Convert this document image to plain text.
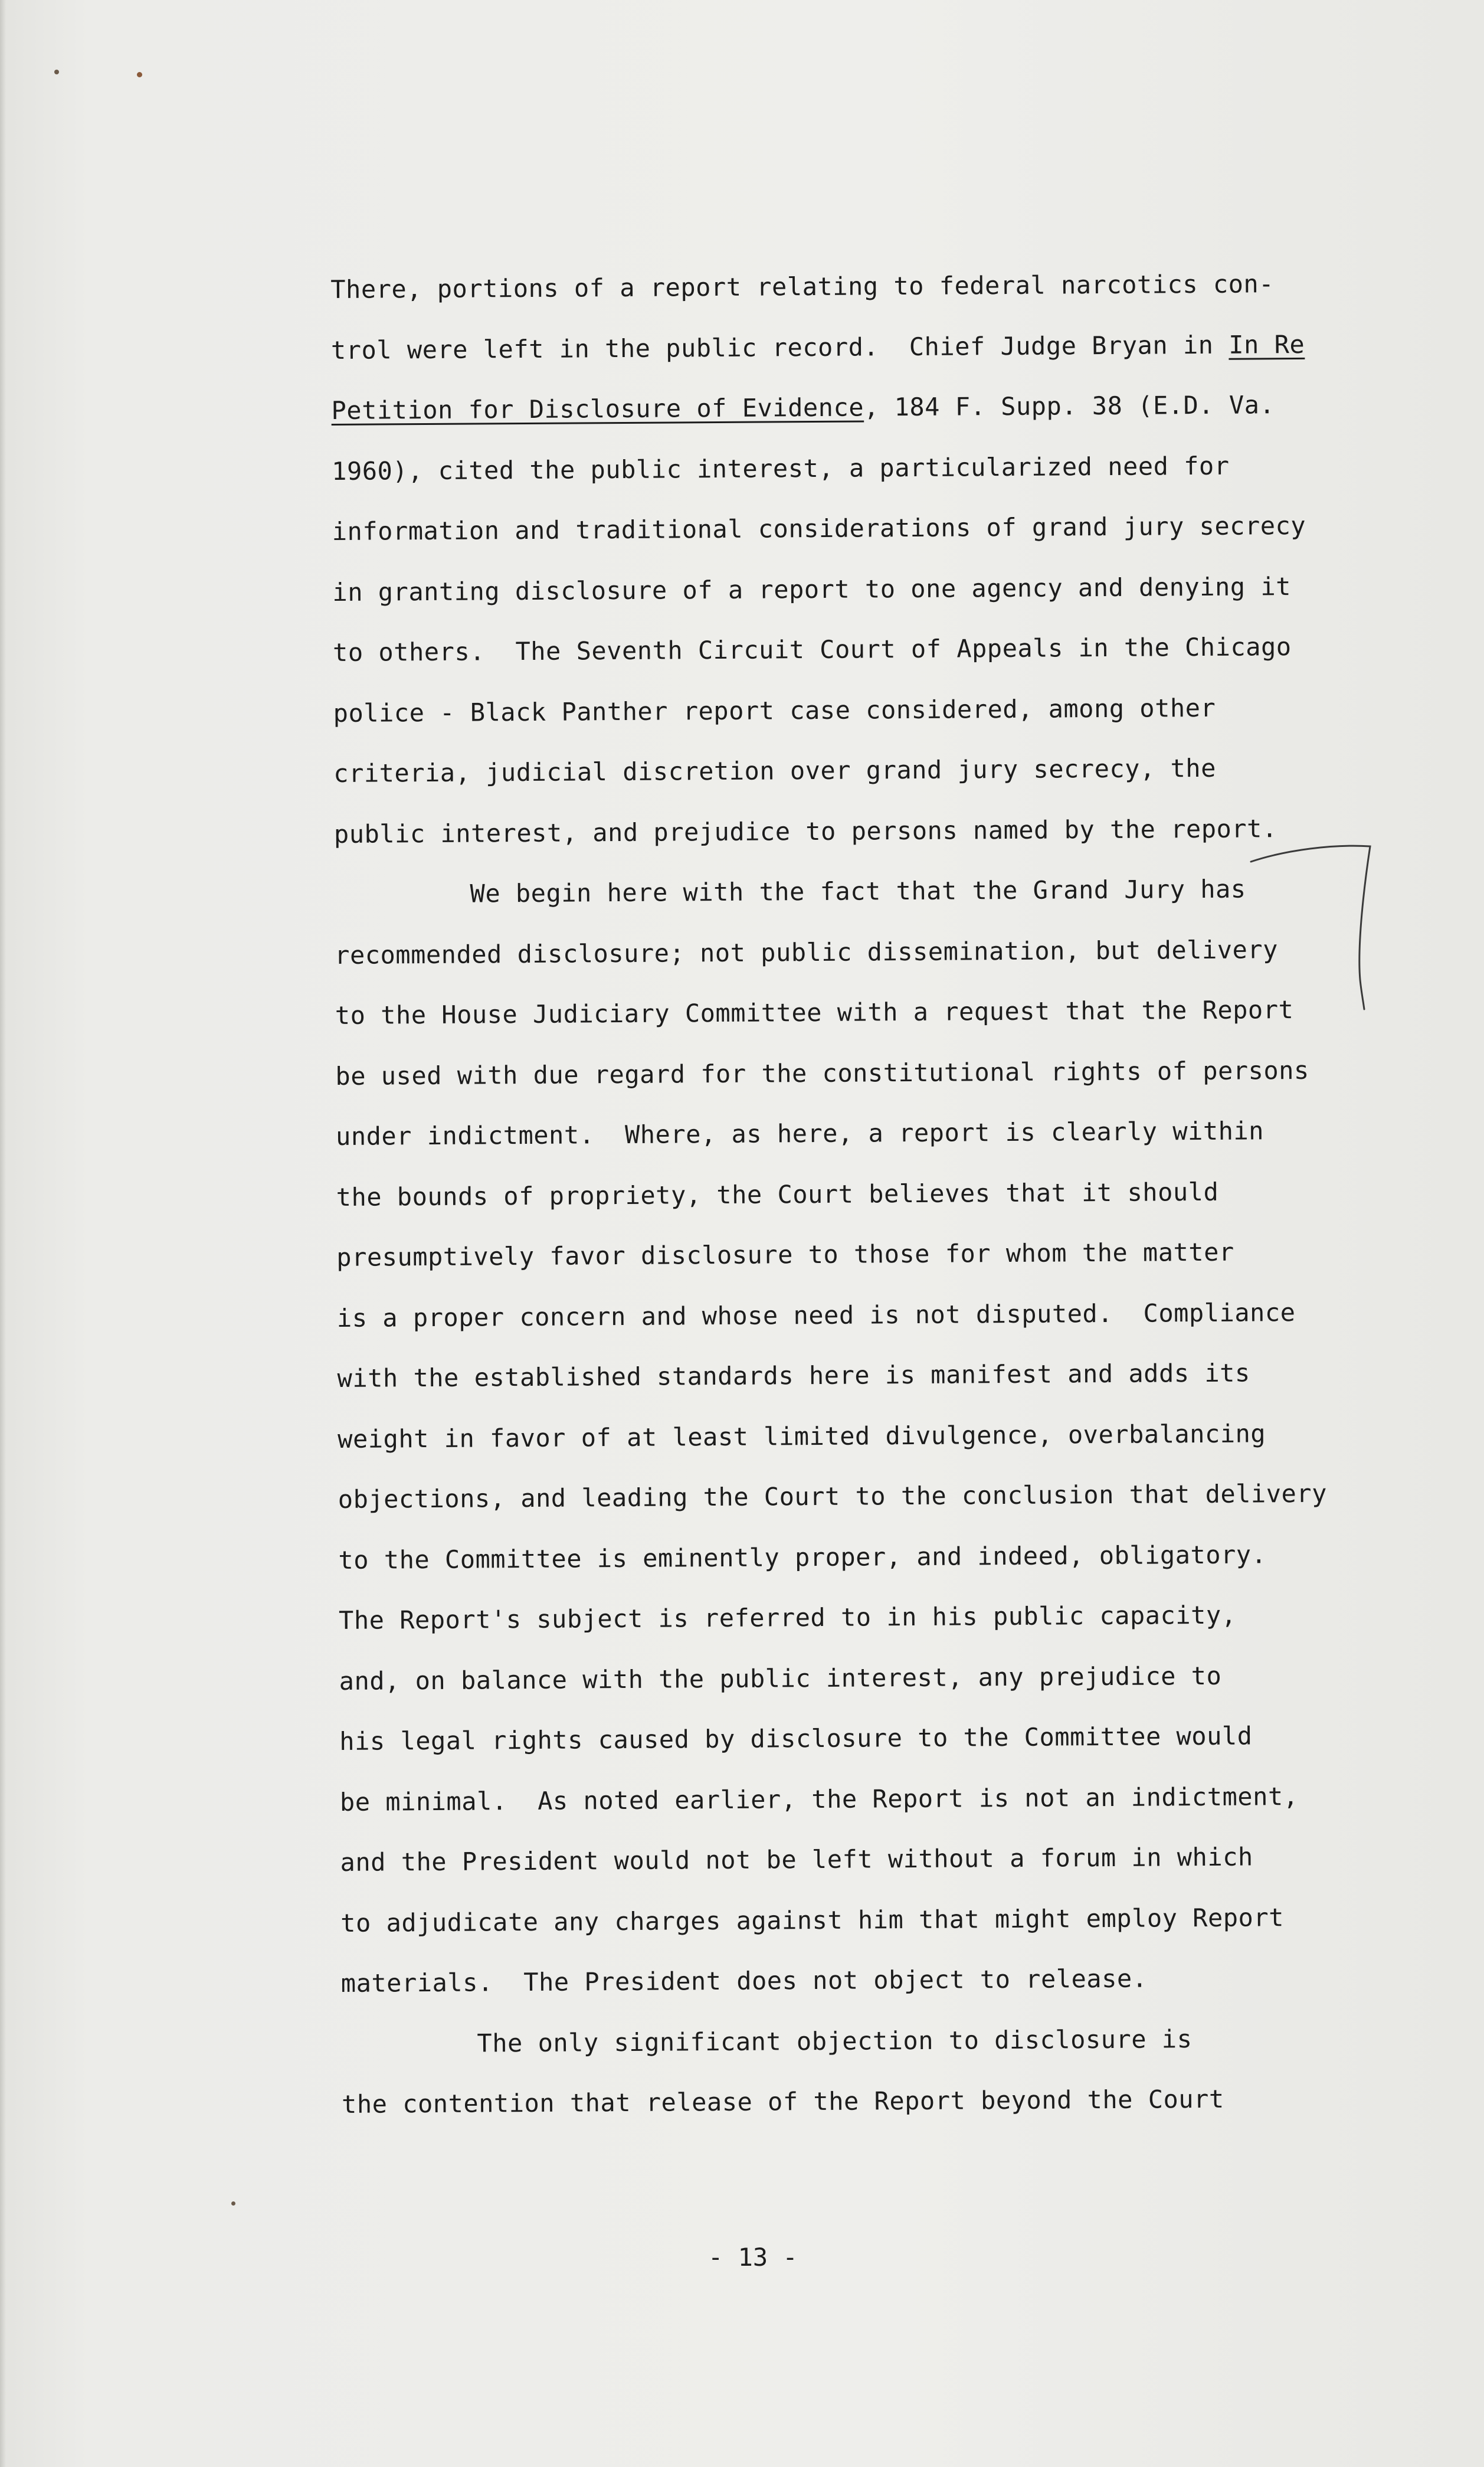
There, portions of a report relating to federal narcotics con-
trol were left in the public record.  Chief Judge Bryan in In Re
Petition for Disclosure of Evidence, 184 F. Supp. 38 (E.D. Va.
1960), cited the public interest, a particularized need for
information and traditional considerations of grand jury secrecy
in granting disclosure of a report to one agency and denying it
to others.  The Seventh Circuit Court of Appeals in the Chicago
police - Black Panther report case considered, among other
criteria, judicial discretion over grand jury secrecy, the
public interest, and prejudice to persons named by the report.
We begin here with the fact that the Grand Jury has
recommended disclosure; not public dissemination, but delivery
to the House Judiciary Committee with a request that the Report
be used with due regard for the constitutional rights of persons
under indictment.  Where, as here, a report is clearly within
the bounds of propriety, the Court believes that it should
presumptively favor disclosure to those for whom the matter
is a proper concern and whose need is not disputed.  Compliance
with the established standards here is manifest and adds its
weight in favor of at least limited divulgence, overbalancing
objections, and leading the Court to the conclusion that delivery
to the Committee is eminently proper, and indeed, obligatory.
The Report's subject is referred to in his public capacity,
and, on balance with the public interest, any prejudice to
his legal rights caused by disclosure to the Committee would
be minimal.  As noted earlier, the Report is not an indictment,
and the President would not be left without a forum in which
to adjudicate any charges against him that might employ Report
materials.  The President does not object to release.
The only significant objection to disclosure is
the contention that release of the Report beyond the Court
- 13 -
